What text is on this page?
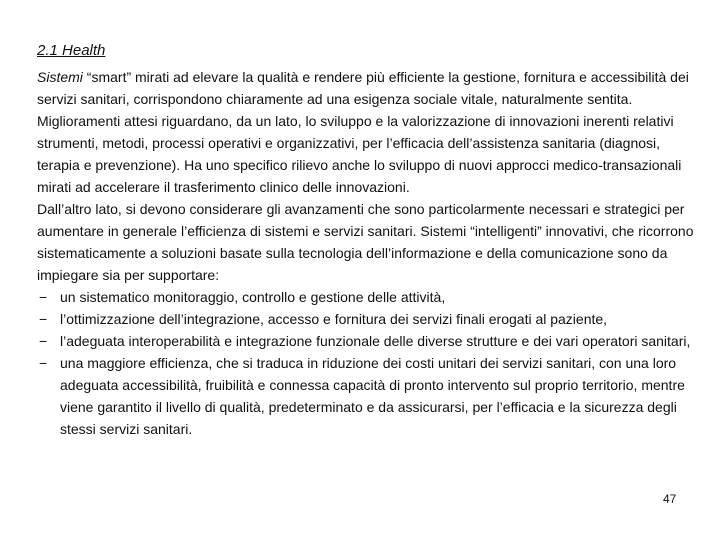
2.1 Health

Sistemi “smart” mirati ad elevare la qualità e rendere più efficiente la gestione, fornitura e accessibilità dei servizi sanitari, corrispondono chiaramente ad una esigenza sociale vitale, naturalmente sentita. Miglioramenti attesi riguardano, da un lato, lo sviluppo e la valorizzazione di innovazioni inerenti relativi strumenti, metodi, processi operativi e organizzativi, per l’efficacia dell’assistenza sanitaria (diagnosi, terapia e prevenzione). Ha uno specifico rilievo anche lo sviluppo di nuovi approcci medico-transazionali mirati ad accelerare il trasferimento clinico delle innovazioni.

Dall’altro lato, si devono considerare gli avanzamenti che sono particolarmente necessari e strategici per aumentare in generale l’efficienza di sistemi e servizi sanitari. Sistemi “intelligenti” innovativi, che ricorrono sistematicamente a soluzioni basate sulla tecnologia dell’informazione e della comunicazione sono da impiegare sia per supportare:

− un sistematico monitoraggio, controllo e gestione delle attività,
− l’ottimizzazione dell’integrazione, accesso e fornitura dei servizi finali erogati al paziente,
− l’adeguata interoperabilità e integrazione funzionale delle diverse strutture e dei vari operatori sanitari,
− una maggiore efficienza, che si traduca in riduzione dei costi unitari dei servizi sanitari, con una loro adeguata accessibilità, fruibilità e connessa capacità di pronto intervento sul proprio territorio, mentre viene garantito il livello di qualità, predeterminato e da assicurarsi, per l’efficacia e la sicurezza degli stessi servizi sanitari.
47
